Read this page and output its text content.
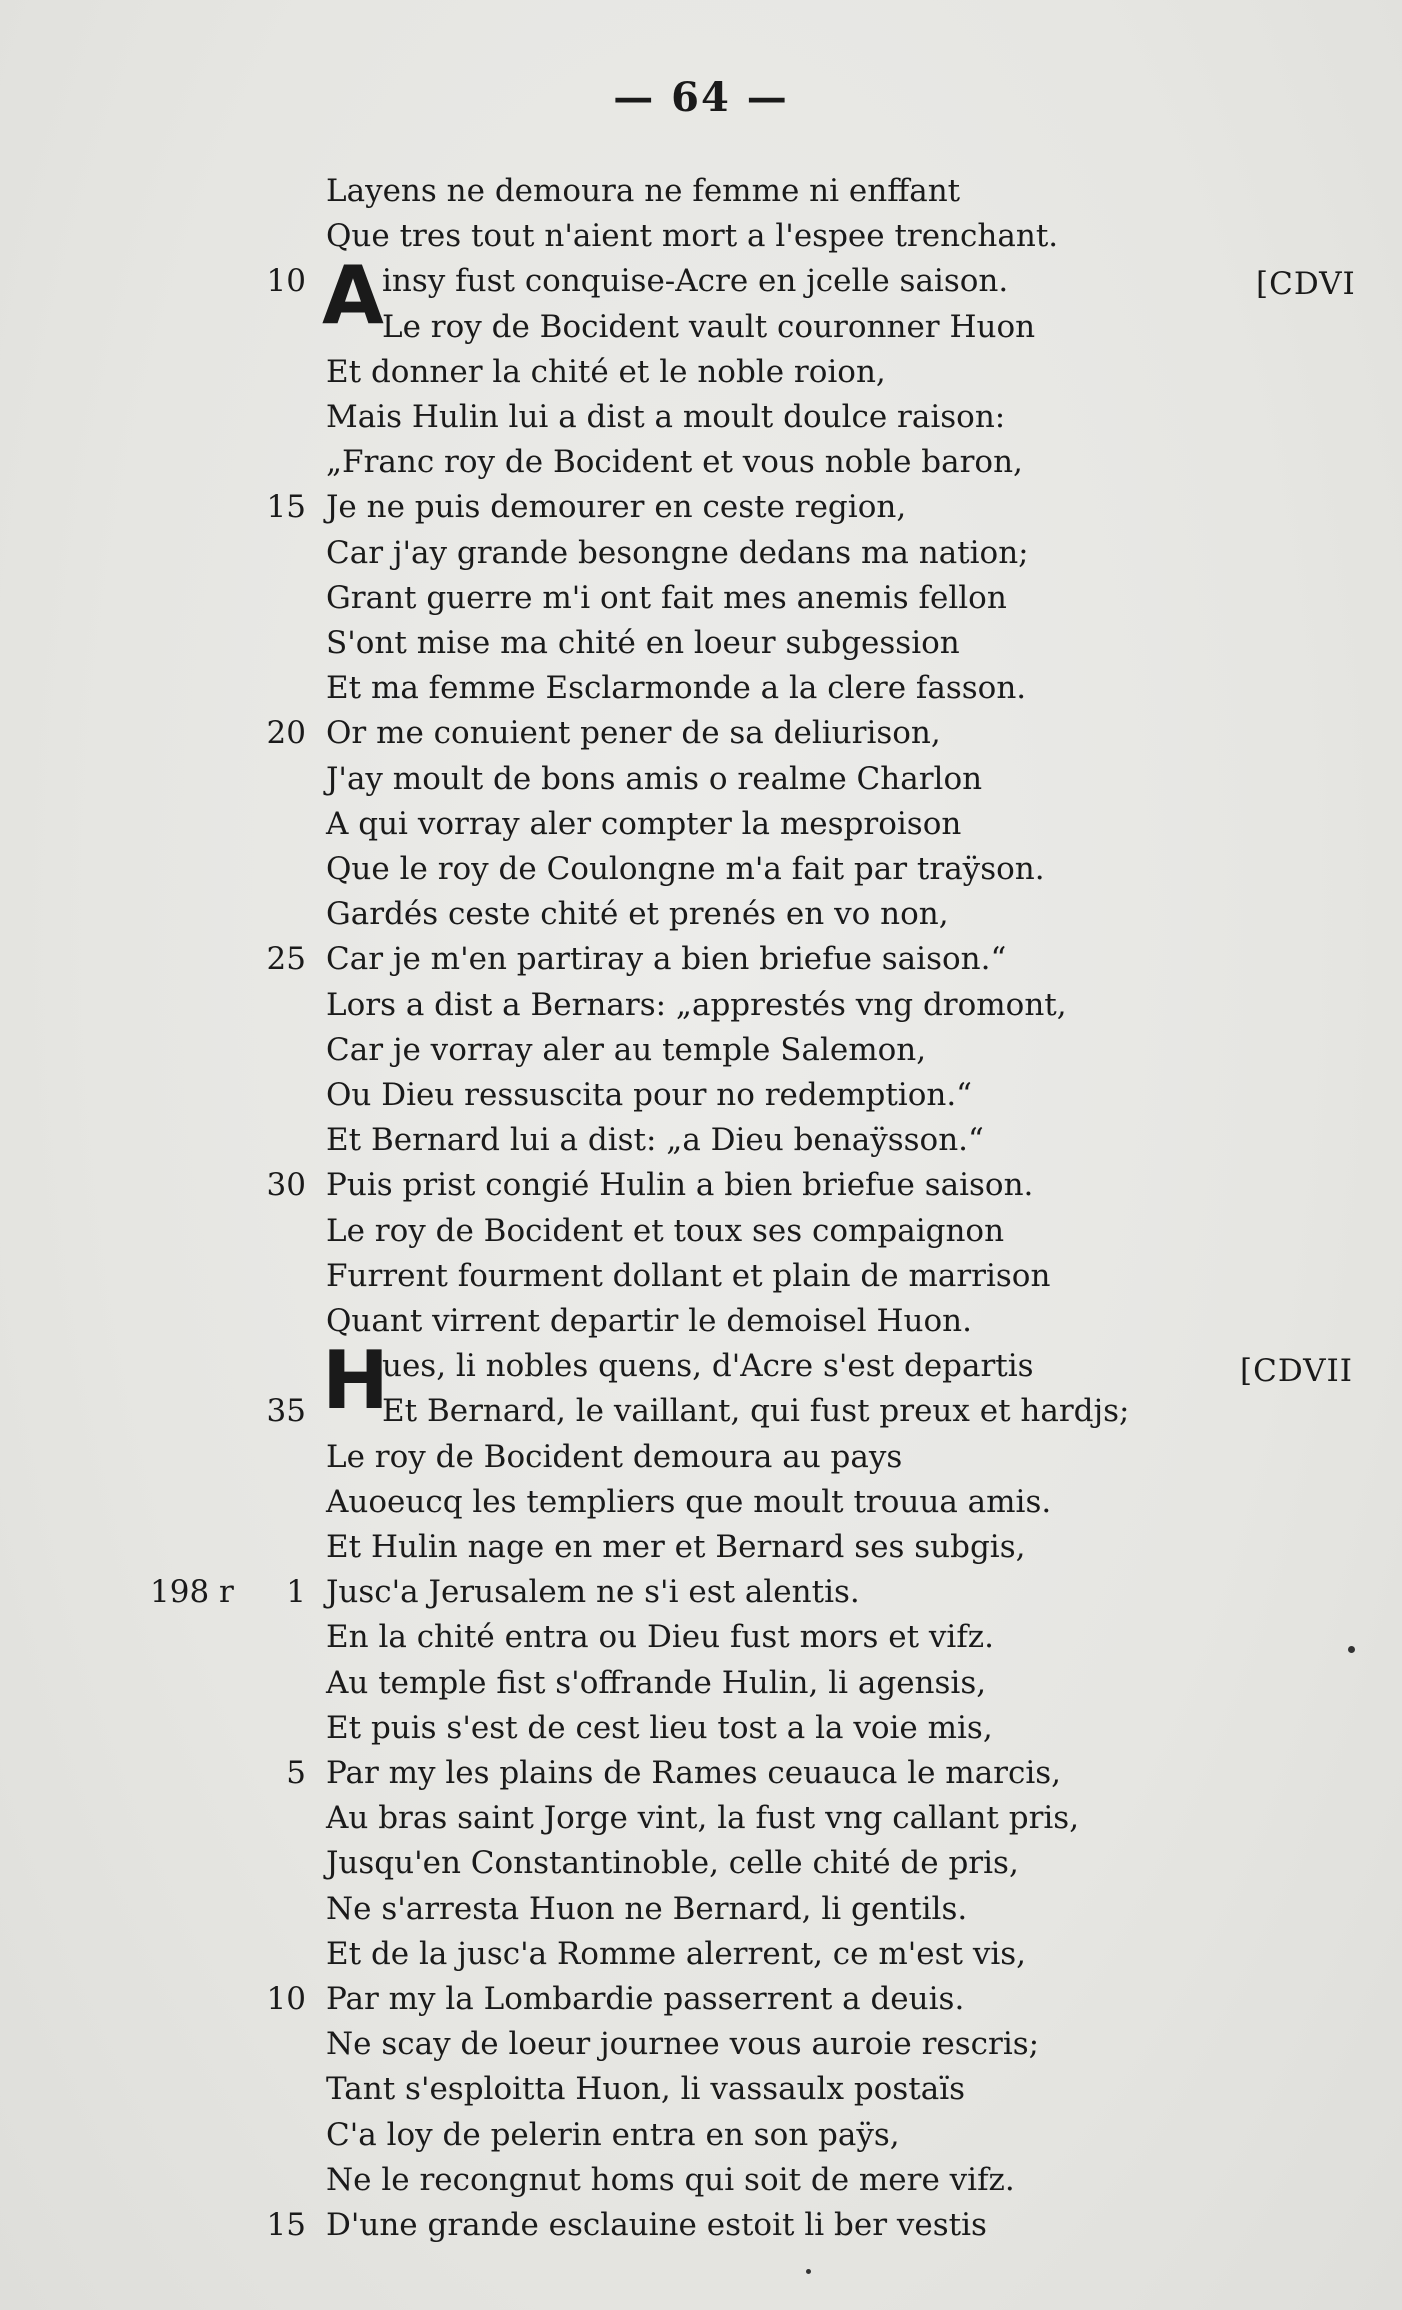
— 64 —
Layens ne demoura ne femme ni enffant
Que tres tout n'aient mort a l'espee trenchant.
10 A
insy fust conquise-Acre en jcelle saison.
Le roy de Bocident vault couronner Huon
Et donner la chité et le noble roion,
Mais Hulin lui a dist a moult doulce raison:
„Franc roy de Bocident et vous noble baron,
15 Je ne puis demourer en ceste region,
Car j'ay grande besongne dedans ma nation;
Grant guerre m'i ont fait mes anemis fellon
S'ont mise ma chité en loeur subgession
Et ma femme Esclarmonde a la clere fasson.
20 Or me conuient pener de sa deliurison,
J'ay moult de bons amis o realme Charlon
A qui vorray aler compter la mesproison
Que le roy de Coulongne m'a fait par traÿson.
Gardés ceste chité et prenés en vo non,
25 Car je m'en partiray a bien briefue saison.“
Lors a dist a Bernars: „apprestés vng dromont,
Car je vorray aler au temple Salemon,
Ou Dieu ressuscita pour no redemption.“
Et Bernard lui a dist: „a Dieu benaÿsson.“
30 Puis prist congié Hulin a bien briefue saison.
Le roy de Bocident et toux ses compaignon
Furrent fourment dollant et plain de marrison
Quant virrent departir le demoisel Huon.
H
ues, li nobles quens, d'Acre s'est departis
35 Et Bernard, le vaillant, qui fust preux et hardjs;
Le roy de Bocident demoura au pays
Auoeucq les templiers que moult trouua amis.
Et Hulin nage en mer et Bernard ses subgis,
198 r	1 Jusc'a Jerusalem ne s'i est alentis.
En la chité entra ou Dieu fust mors et vifz.
Au temple fist s'offrande Hulin, li agensis,
Et puis s'est de cest lieu tost a la voie mis,
5 Par my les plains de Rames ceuauca le marcis,
Au bras saint Jorge vint, la fust vng callant pris,
Jusqu'en Constantinoble, celle chité de pris,
Ne s'arresta Huon ne Bernard, li gentils.
Et de la jusc'a Romme alerrent, ce m'est vis,
10 Par my la Lombardie passerrent a deuis.
Ne scay de loeur journee vous auroie rescris;
Tant s'esploitta Huon, li vassaulx postaïs
C'a loy de pelerin entra en son paÿs,
Ne le recongnut homs qui soit de mere vifz.
15 D'une grande esclauine estoit li ber vestis
[CDVI
[CDVII
